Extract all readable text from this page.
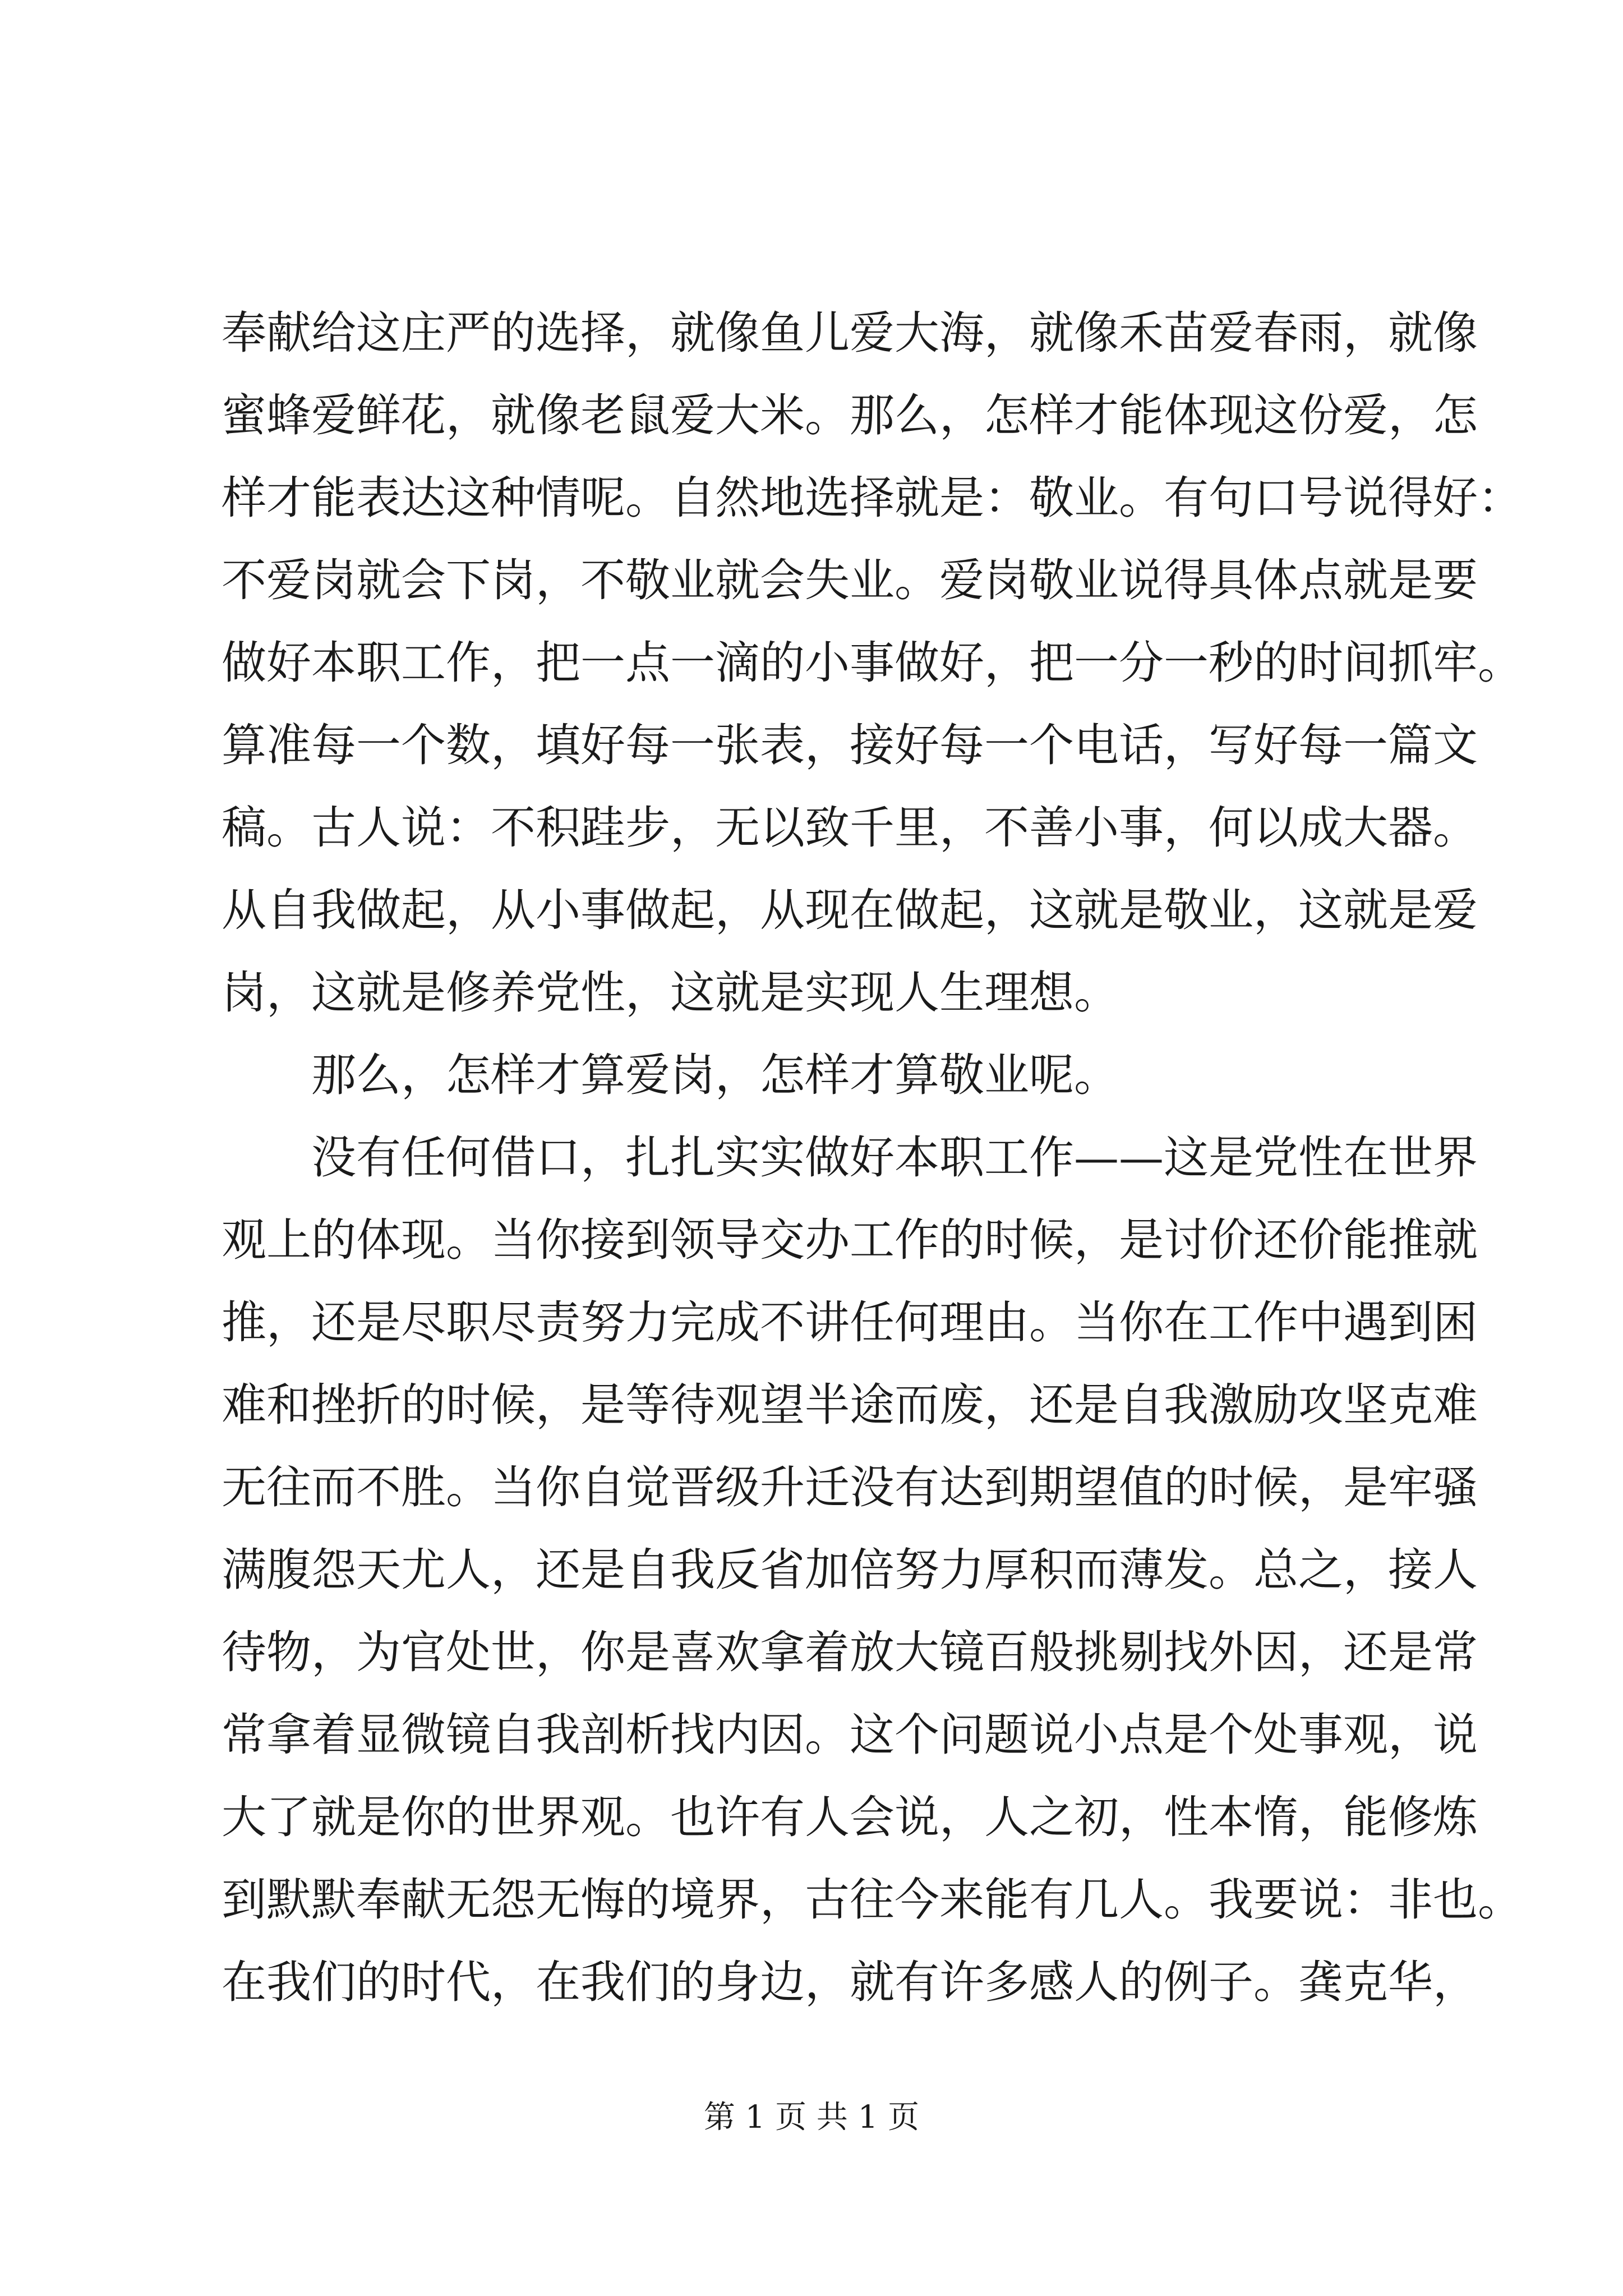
奉献给这庄严的选择，就像鱼儿爱大海，就像禾苗爱春雨，就像
蜜蜂爱鲜花，就像老鼠爱大米。那么，怎样才能体现这份爱，怎
样才能表达这种情呢。自然地选择就是：敬业。有句口号说得好：
不爱岗就会下岗，不敬业就会失业。爱岗敬业说得具体点就是要
做好本职工作，把一点一滴的小事做好，把一分一秒的时间抓牢。
算准每一个数，填好每一张表，接好每一个电话，写好每一篇文
稿。古人说：不积跬步，无以致千里，不善小事，何以成大器。
从自我做起，从小事做起，从现在做起，这就是敬业，这就是爱
岗，这就是修养党性，这就是实现人生理想。
那么，怎样才算爱岗，怎样才算敬业呢。
没有任何借口，扎扎实实做好本职工作——这是党性在世界
观上的体现。当你接到领导交办工作的时候，是讨价还价能推就
推，还是尽职尽责努力完成不讲任何理由。当你在工作中遇到困
难和挫折的时候，是等待观望半途而废，还是自我激励攻坚克难
无往而不胜。当你自觉晋级升迁没有达到期望值的时候，是牢骚
满腹怨天尤人，还是自我反省加倍努力厚积而薄发。总之，接人
待物，为官处世，你是喜欢拿着放大镜百般挑剔找外因，还是常
常拿着显微镜自我剖析找内因。这个问题说小点是个处事观，说
大了就是你的世界观。也许有人会说，人之初，性本惰，能修炼
到默默奉献无怨无悔的境界，古往今来能有几人。我要说：非也。
在我们的时代，在我们的身边，就有许多感人的例子。龚克华，
第 1 页 共 1 页
